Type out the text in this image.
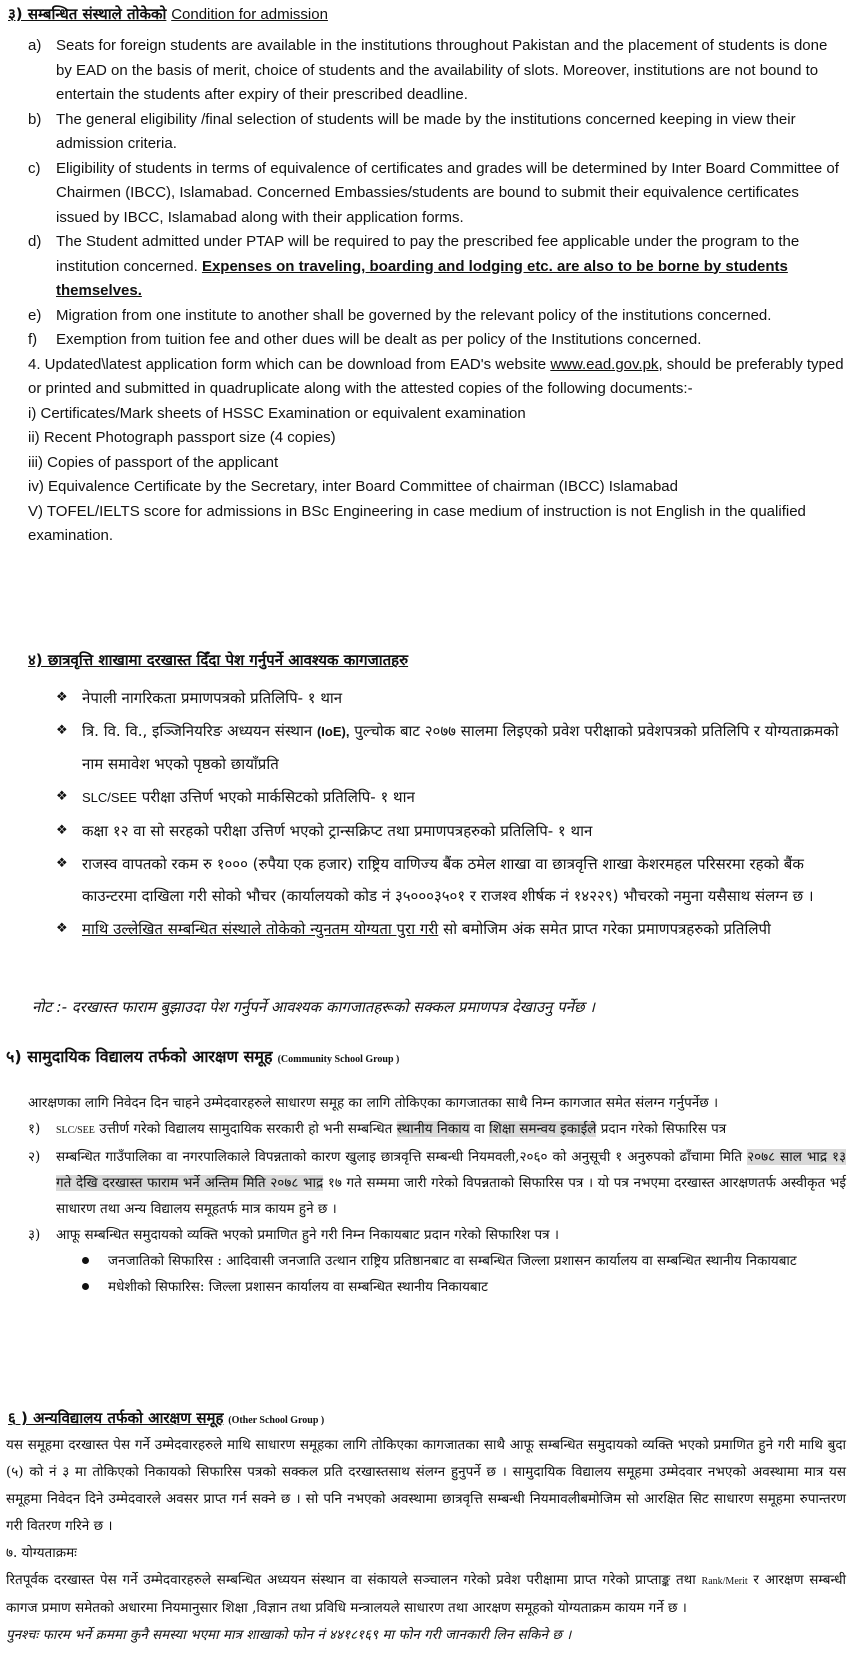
३) सम्बन्धित संस्थाले तोकेको Condition for admission
a) Seats for foreign students are available in the institutions throughout Pakistan and the placement of students is done by EAD on the basis of merit, choice of students and the availability of slots. Moreover, institutions are not bound to entertain the students after expiry of their prescribed deadline.
b) The general eligibility /final selection of students will be made by the institutions concerned keeping in view their admission criteria.
c) Eligibility of students in terms of equivalence of certificates and grades will be determined by Inter Board Committee of Chairmen (IBCC), Islamabad. Concerned Embassies/students are bound to submit their equivalence certificates issued by IBCC, Islamabad along with their application forms.
d) The Student admitted under PTAP will be required to pay the prescribed fee applicable under the program to the institution concerned. Expenses on traveling, boarding and lodging etc. are also to be borne by students themselves.
e) Migration from one institute to another shall be governed by the relevant policy of the institutions concerned.
f) Exemption from tuition fee and other dues will be dealt as per policy of the Institutions concerned.
4. Updated\latest application form which can be download from EAD's website www.ead.gov.pk, should be preferably typed or printed and submitted in quadruplicate along with the attested copies of the following documents:-
i) Certificates/Mark sheets of HSSC Examination or equivalent examination
ii) Recent Photograph passport size (4 copies)
iii) Copies of passport of the applicant
iv) Equivalence Certificate by the Secretary, inter Board Committee of chairman (IBCC) Islamabad
V) TOFEL/IELTS score for admissions in BSc Engineering in case medium of instruction is not English in the qualified examination.
४) छात्रवृत्ति शाखामा दरखास्त दिँदा पेश गर्नुपर्ने आवश्यक कागजातहरु
❖ नेपाली नागरिकता प्रमाणपत्रको प्रतिलिपि- १ थान
❖ त्रि. वि. वि., इञ्जिनियरिङ अध्ययन संस्थान (IoE), पुल्चोक बाट २०७७ सालमा लिइएको प्रवेश परीक्षाको प्रवेशपत्रको प्रतिलिपि र योग्यताक्रमको नाम समावेश भएको पृष्ठको छायाँप्रति
❖ SLC/SEE परीक्षा उत्तिर्ण भएको मार्कसिटको प्रतिलिपि- १ थान
❖ कक्षा १२ वा सो सरहको परीक्षा उत्तिर्ण भएको ट्रान्सक्रिप्ट तथा प्रमाणपत्रहरुको प्रतिलिपि- १ थान
❖ राजस्व वापतको रकम रु १००० (रुपैया एक हजार) राष्ट्रिय वाणिज्य बैंक ठमेल शाखा वा छात्रवृत्ति शाखा केशरमहल परिसरमा रहको बैंक काउन्टरमा दाखिला गरी सोको भौचर (कार्यालयको कोड नं ३५०००३५०१ र राजश्व शीर्षक नं १४२२९) भौचरको नमुना यसैसाथ संलग्न छ ।
❖ माथि उल्लेखित सम्बन्धित संस्थाले तोकेको न्युनतम योग्यता पुरा गरी सो बमोजिम अंक समेत प्राप्त गरेका प्रमाणपत्रहरुको प्रतिलिपी
नोट :- दरखास्त फाराम बुझाउदा पेश गर्नुपर्ने आवश्यक कागजातहरूको सक्कल प्रमाणपत्र देखाउनु पर्नेछ ।
५) सामुदायिक विद्यालय तर्फको आरक्षण समूह (Community School Group )
आरक्षणका लागि निवेदन दिन चाहने उम्मेदवारहरुले साधारण समूह का लागि तोकिएका कागजातका साथै निम्न कागजात समेत संलग्न गर्नुपर्नेछ ।
१) SLC/SEE उत्तीर्ण गरेको विद्यालय सामुदायिक सरकारी हो भनी सम्बन्धित स्थानीय निकाय वा शिक्षा समन्वय इकाईले प्रदान गरेको सिफारिस पत्र
२) सम्बन्धित गाउँपालिका वा नगरपालिकाले विपन्नताको कारण खुलाइ छात्रवृत्ति सम्बन्धी नियमवली,२०६० को अनुसूची १ अनुरुपको ढाँचामा मिति २०७८ साल भाद्र १३ गते देखि दरखास्त फाराम भर्ने अन्तिम मिति २०७८ भाद्र १७ गते सम्ममा जारी गरेको विपन्नताको सिफारिस पत्र । यो पत्र नभएमा दरखास्त आरक्षणतर्फ अस्वीकृत भई साधारण तथा अन्य विद्यालय समूहतर्फ मात्र कायम हुने छ ।
३) आफू सम्बन्धित समुदायको व्यक्ति भएको प्रमाणित हुने गरी निम्न निकायबाट प्रदान गरेको सिफारिश पत्र ।
जनजातिको सिफारिस : आदिवासी जनजाति उत्थान राष्ट्रिय प्रतिष्ठानबाट वा सम्बन्धित जिल्ला प्रशासन कार्यालय वा सम्बन्धित स्थानीय निकायबाट
मधेशीको सिफारिस: जिल्ला प्रशासन कार्यालय वा सम्बन्धित स्थानीय निकायबाट
६ ) अन्यविद्यालय तर्फको आरक्षण समूह (Other School Group )
यस समूहमा दरखास्त पेस गर्ने उम्मेदवारहरुले माथि साधारण समूहका लागि तोकिएका कागजातका साथै आफू सम्बन्धित समुदायको व्यक्ति भएको प्रमाणित हुने गरी माथि बुदा (५) को नं ३ मा तोकिएको निकायको सिफारिस पत्रको सक्कल प्रति दरखास्तसाथ संलग्न हुनुपर्ने छ । सामुदायिक विद्यालय समूहमा उम्मेदवार नभएको अवस्थामा मात्र यस समूहमा निवेदन दिने उम्मेदवारले अवसर प्राप्त गर्न सक्ने छ । सो पनि नभएको अवस्थामा छात्रवृत्ति सम्बन्धी नियमावलीबमोजिम सो आरक्षित सिट साधारण समूहमा रुपान्तरण गरी वितरण गरिने छ ।
७. योग्यताक्रमः
रितपूर्वक दरखास्त पेस गर्ने उम्मेदवारहरुले सम्बन्धित अध्ययन संस्थान वा संकायले सञ्चालन गरेको प्रवेश परीक्षामा प्राप्त गरेको प्राप्ताङ्क तथा Rank/Merit र आरक्षण सम्बन्धी कागज प्रमाण समेतको अधारमा नियमानुसार शिक्षा ,विज्ञान तथा प्रविधि मन्त्रालयले साधारण तथा आरक्षण समूहको योग्यताक्रम कायम गर्ने छ ।
पुनश्चः फारम भर्ने क्रममा कुनै समस्या भएमा मात्र शाखाको फोन नं ४४१८१६९ मा फोन गरी जानकारी लिन सकिने छ ।
